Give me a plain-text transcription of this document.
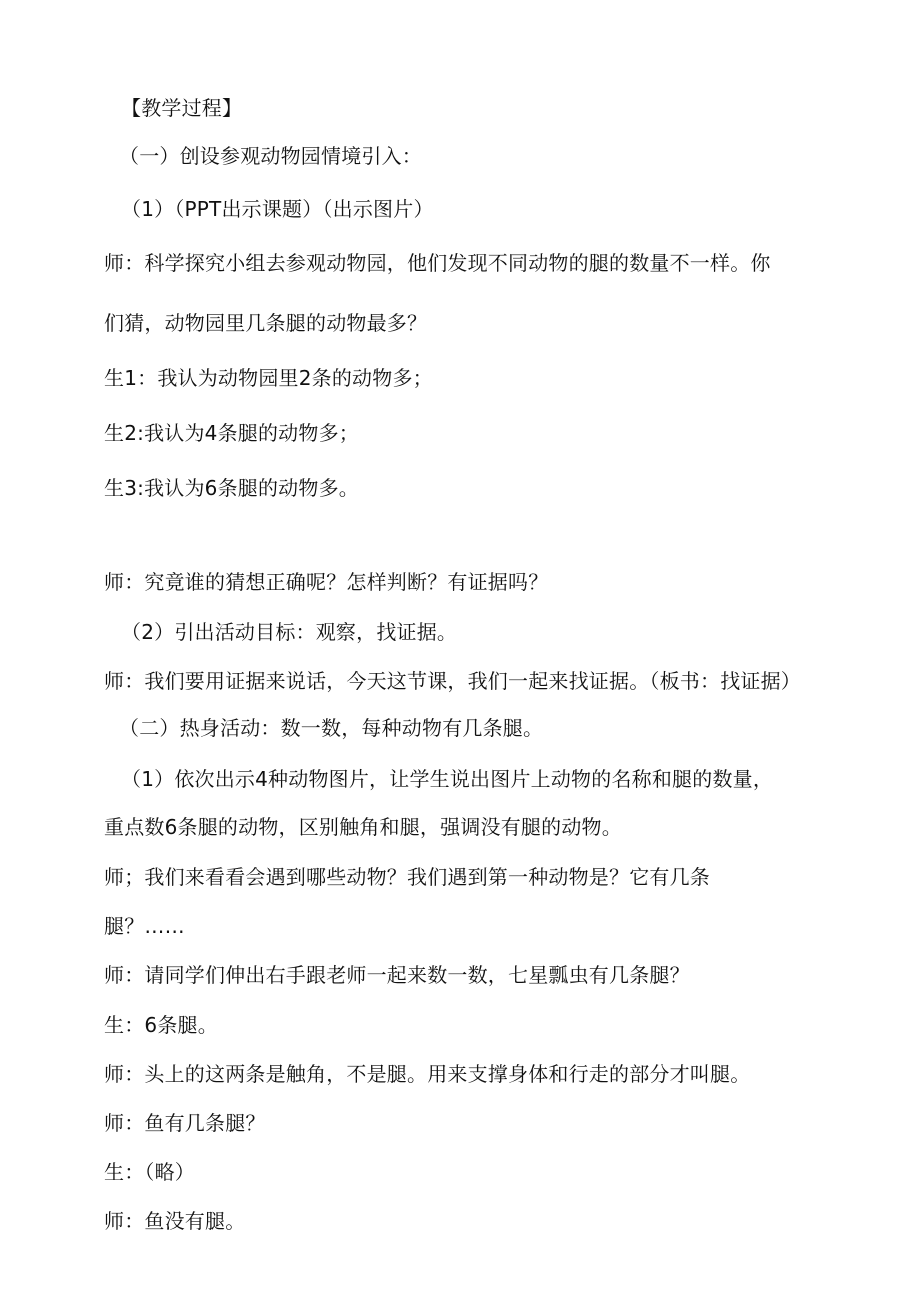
【教学过程】
（一）创设参观动物园情境引入：
（1）（PPT出示课题）（出示图片）
师：科学探究小组去参观动物园，他们发现不同动物的腿的数量不一样。你
们猜，动物园里几条腿的动物最多？
生1：我认为动物园里2条的动物多；
生2:我认为4条腿的动物多；
生3:我认为6条腿的动物多。
师：究竟谁的猜想正确呢？怎样判断？有证据吗？
（2）引出活动目标：观察，找证据。
师：我们要用证据来说话，今天这节课，我们一起来找证据。（板书：找证据）
（二）热身活动：数一数，每种动物有几条腿。
（1）依次出示4种动物图片，让学生说出图片上动物的名称和腿的数量，
重点数6条腿的动物，区别触角和腿，强调没有腿的动物。
师；我们来看看会遇到哪些动物？我们遇到第一种动物是？它有几条
腿？……
师：请同学们伸出右手跟老师一起来数一数，七星瓢虫有几条腿？
生：6条腿。
师：头上的这两条是触角，不是腿。用来支撑身体和行走的部分才叫腿。
师：鱼有几条腿？
生：（略）
师：鱼没有腿。
